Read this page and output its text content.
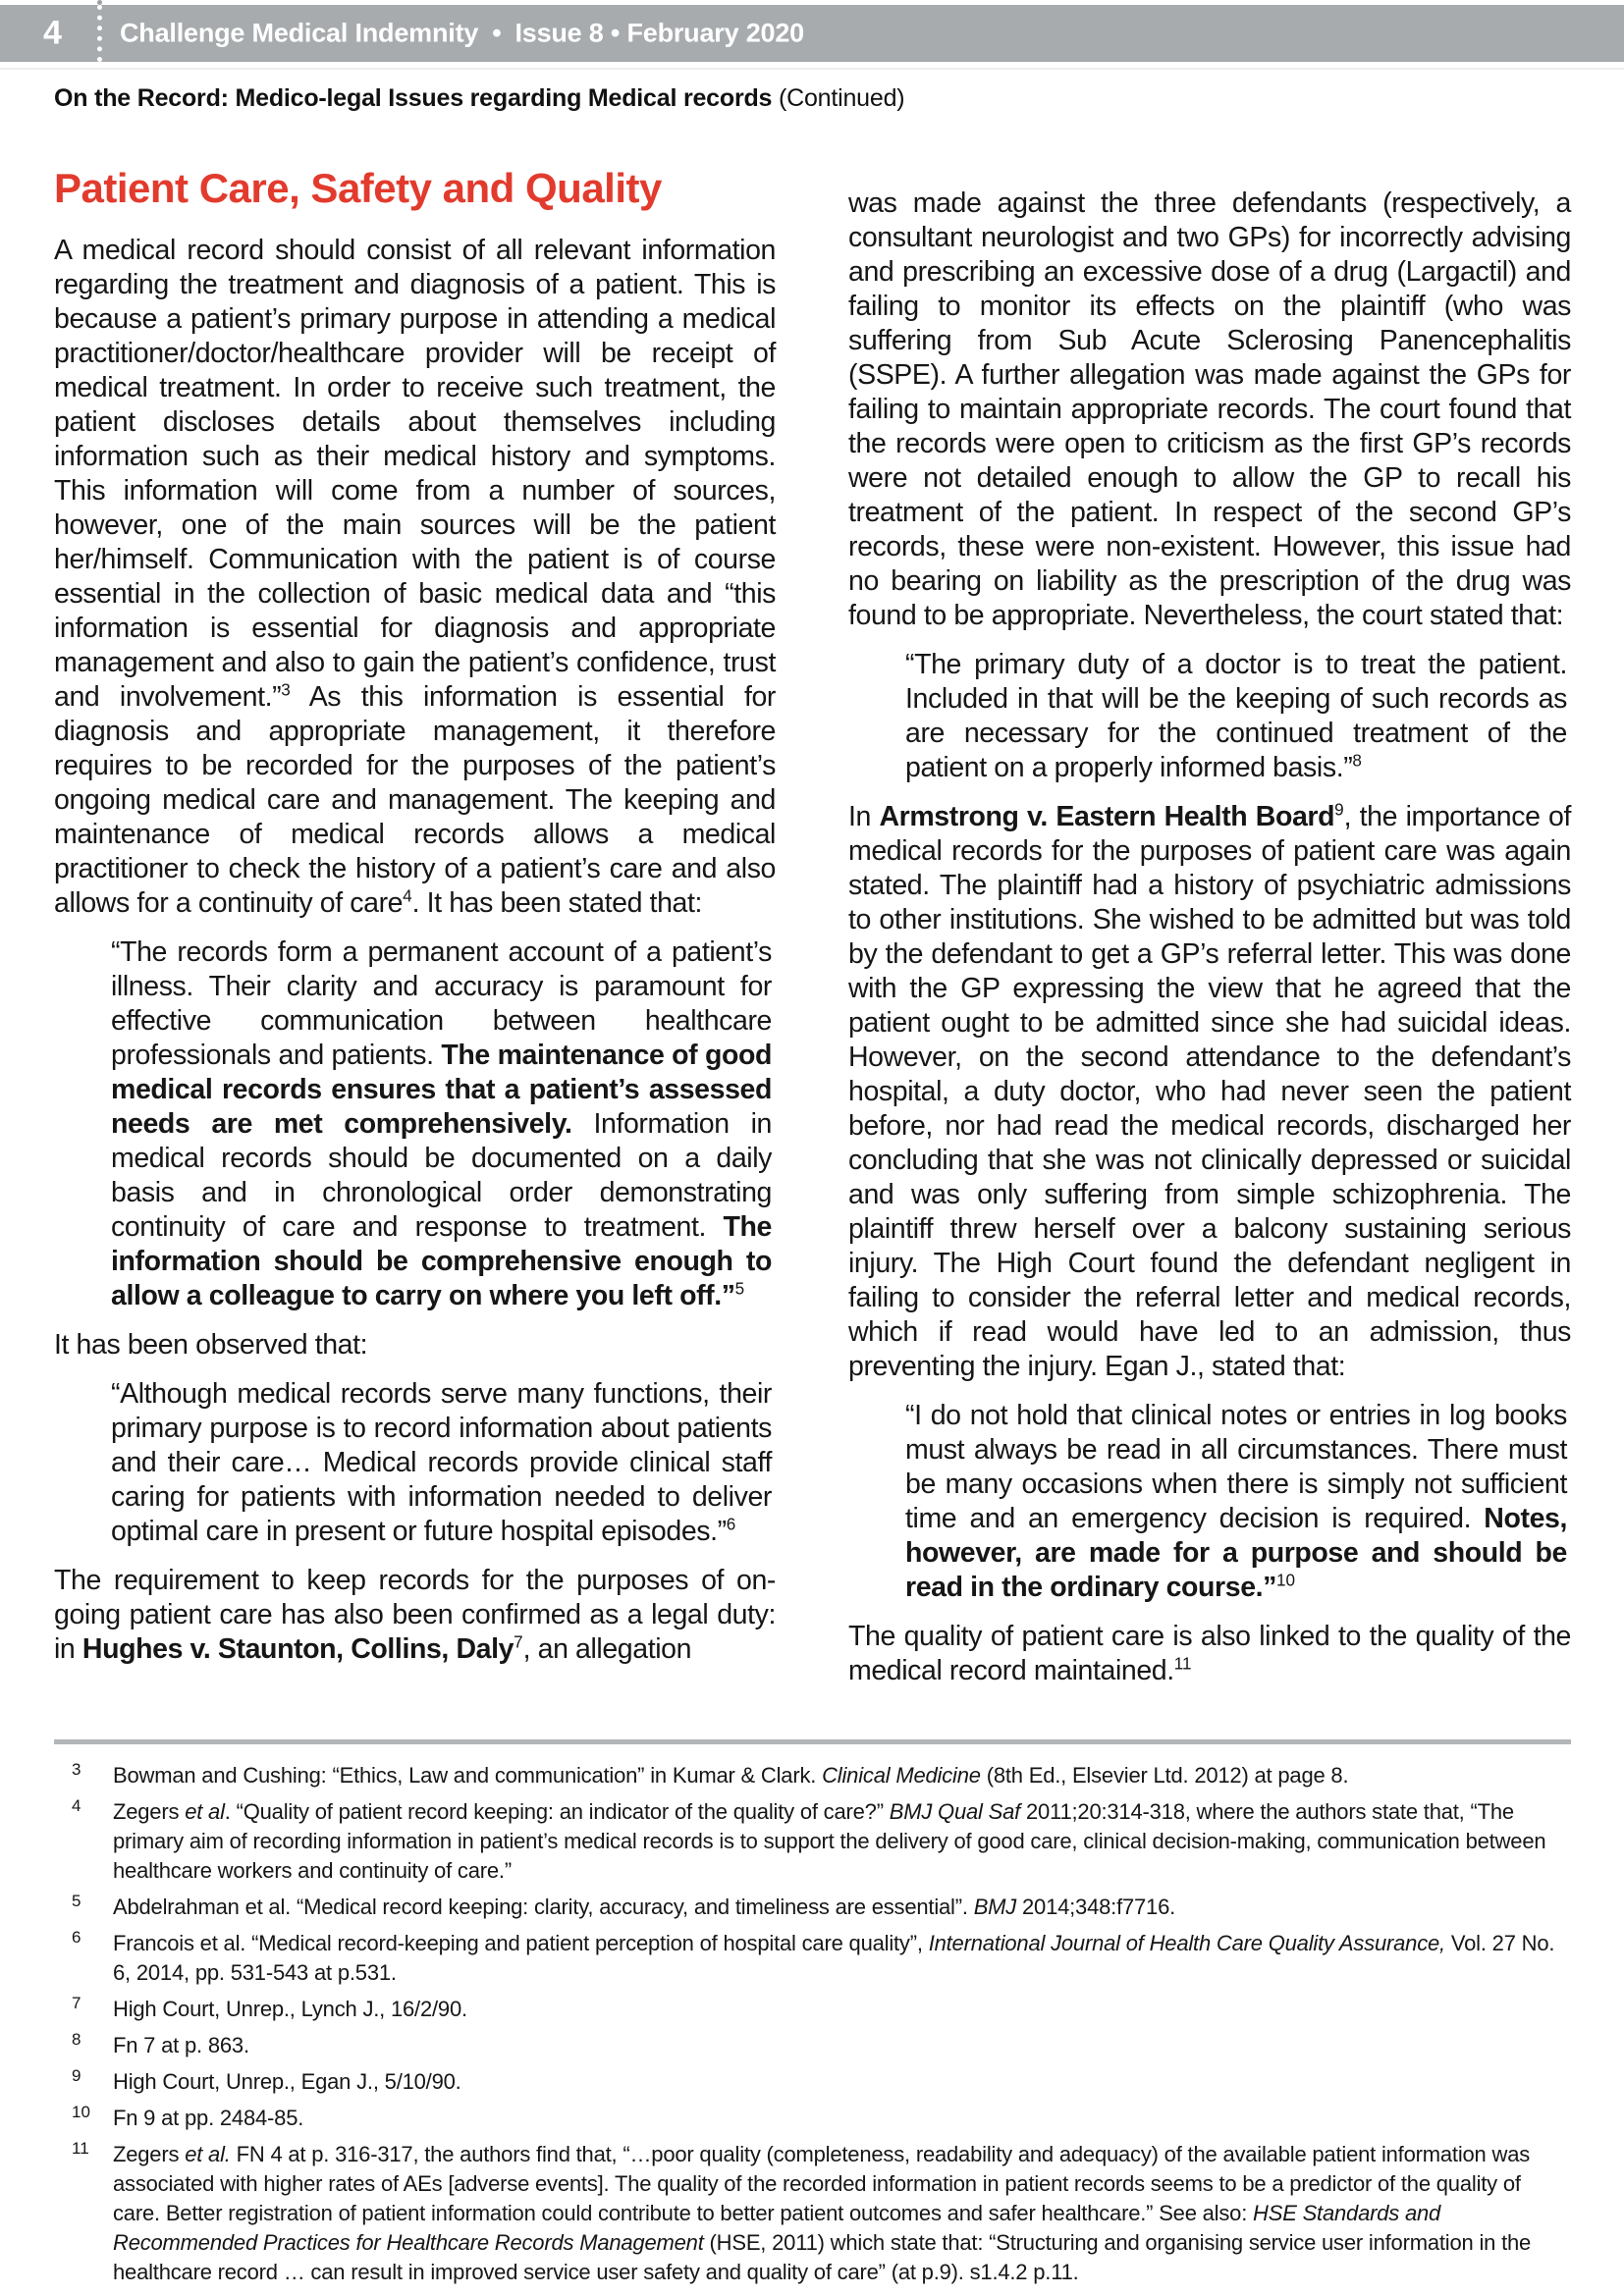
4 Challenge Medical Indemnity • Issue 8 • February 2020
On the Record: Medico-legal Issues regarding Medical records (Continued)
Patient Care, Safety and Quality

A medical record should consist of all relevant information regarding the treatment and diagnosis of a patient. This is because a patient’s primary purpose in attending a medical practitioner/doctor/healthcare provider will be receipt of medical treatment. In order to receive such treatment, the patient discloses details about themselves including information such as their medical history and symptoms. This information will come from a number of sources, however, one of the main sources will be the patient her/himself. Communication with the patient is of course essential in the collection of basic medical data and “this information is essential for diagnosis and appropriate management and also to gain the patient’s confidence, trust and involvement.”$^3$ As this information is essential for diagnosis and appropriate management, it therefore requires to be recorded for the purposes of the patient’s ongoing medical care and management. The keeping and maintenance of medical records allows a medical practitioner to check the history of a patient’s care and also allows for a continuity of care$^4$. It has been stated that:

“The records form a permanent account of a patient’s illness. Their clarity and accuracy is paramount for effective communication between healthcare professionals and patients. The maintenance of good medical records ensures that a patient’s assessed needs are met comprehensively. Information in medical records should be documented on a daily basis and in chronological order demonstrating continuity of care and response to treatment. The information should be comprehensive enough to allow a colleague to carry on where you left off.”$^5$

It has been observed that:

“Although medical records serve many functions, their primary purpose is to record information about patients and their care… Medical records provide clinical staff caring for patients with information needed to deliver optimal care in present or future hospital episodes.”$^6$

The requirement to keep records for the purposes of on-going patient care has also been confirmed as a legal duty: in Hughes v. Staunton, Collins, Daly$^7$, an allegation

was made against the three defendants (respectively, a consultant neurologist and two GPs) for incorrectly advising and prescribing an excessive dose of a drug (Largactil) and failing to monitor its effects on the plaintiff (who was suffering from Sub Acute Sclerosing Panencephalitis (SSPE). A further allegation was made against the GPs for failing to maintain appropriate records. The court found that the records were open to criticism as the first GP’s records were not detailed enough to allow the GP to recall his treatment of the patient. In respect of the second GP’s records, these were non-existent. However, this issue had no bearing on liability as the prescription of the drug was found to be appropriate. Nevertheless, the court stated that:

“The primary duty of a doctor is to treat the patient. Included in that will be the keeping of such records as are necessary for the continued treatment of the patient on a properly informed basis.”$^8$

In Armstrong v. Eastern Health Board$^9$, the importance of medical records for the purposes of patient care was again stated. The plaintiff had a history of psychiatric admissions to other institutions. She wished to be admitted but was told by the defendant to get a GP’s referral letter. This was done with the GP expressing the view that he agreed that the patient ought to be admitted since she had suicidal ideas. However, on the second attendance to the defendant’s hospital, a duty doctor, who had never seen the patient before, nor had read the medical records, discharged her concluding that she was not clinically depressed or suicidal and was only suffering from simple schizophrenia. The plaintiff threw herself over a balcony sustaining serious injury. The High Court found the defendant negligent in failing to consider the referral letter and medical records, which if read would have led to an admission, thus preventing the injury. Egan J., stated that:

“I do not hold that clinical notes or entries in log books must always be read in all circumstances. There must be many occasions when there is simply not sufficient time and an emergency decision is required. Notes, however, are made for a purpose and should be read in the ordinary course.”$^{10}$

The quality of patient care is also linked to the quality of the medical record maintained.$^{11}$

3	Bowman and Cushing: “Ethics, Law and communication” in Kumar & Clark. Clinical Medicine (8th Ed., Elsevier Ltd. 2012) at page 8.
4	Zegers et al. “Quality of patient record keeping: an indicator of the quality of care?” BMJ Qual Saf 2011;20:314-318, where the authors state that, “The primary aim of recording information in patient’s medical records is to support the delivery of good care, clinical decision-making, communication between healthcare workers and continuity of care.”
5	Abdelrahman et al. “Medical record keeping: clarity, accuracy, and timeliness are essential”. BMJ 2014;348:f7716.
6	Francois et al. “Medical record-keeping and patient perception of hospital care quality”, International Journal of Health Care Quality Assurance, Vol. 27 No. 6, 2014, pp. 531-543 at p.531.
7	High Court, Unrep., Lynch J., 16/2/90.
8	Fn 7 at p. 863.
9	High Court, Unrep., Egan J., 5/10/90.
10	Fn 9 at pp. 2484-85.
11	Zegers et al. FN 4 at p. 316-317, the authors find that, “…poor quality (completeness, readability and adequacy) of the available patient information was associated with higher rates of AEs [adverse events]. The quality of the recorded information in patient records seems to be a predictor of the quality of care. Better registration of patient information could contribute to better patient outcomes and safer healthcare.” See also: HSE Standards and Recommended Practices for Healthcare Records Management (HSE, 2011) which state that: “Structuring and organising service user information in the healthcare record … can result in improved service user safety and quality of care” (at p.9). s1.4.2 p.11.
